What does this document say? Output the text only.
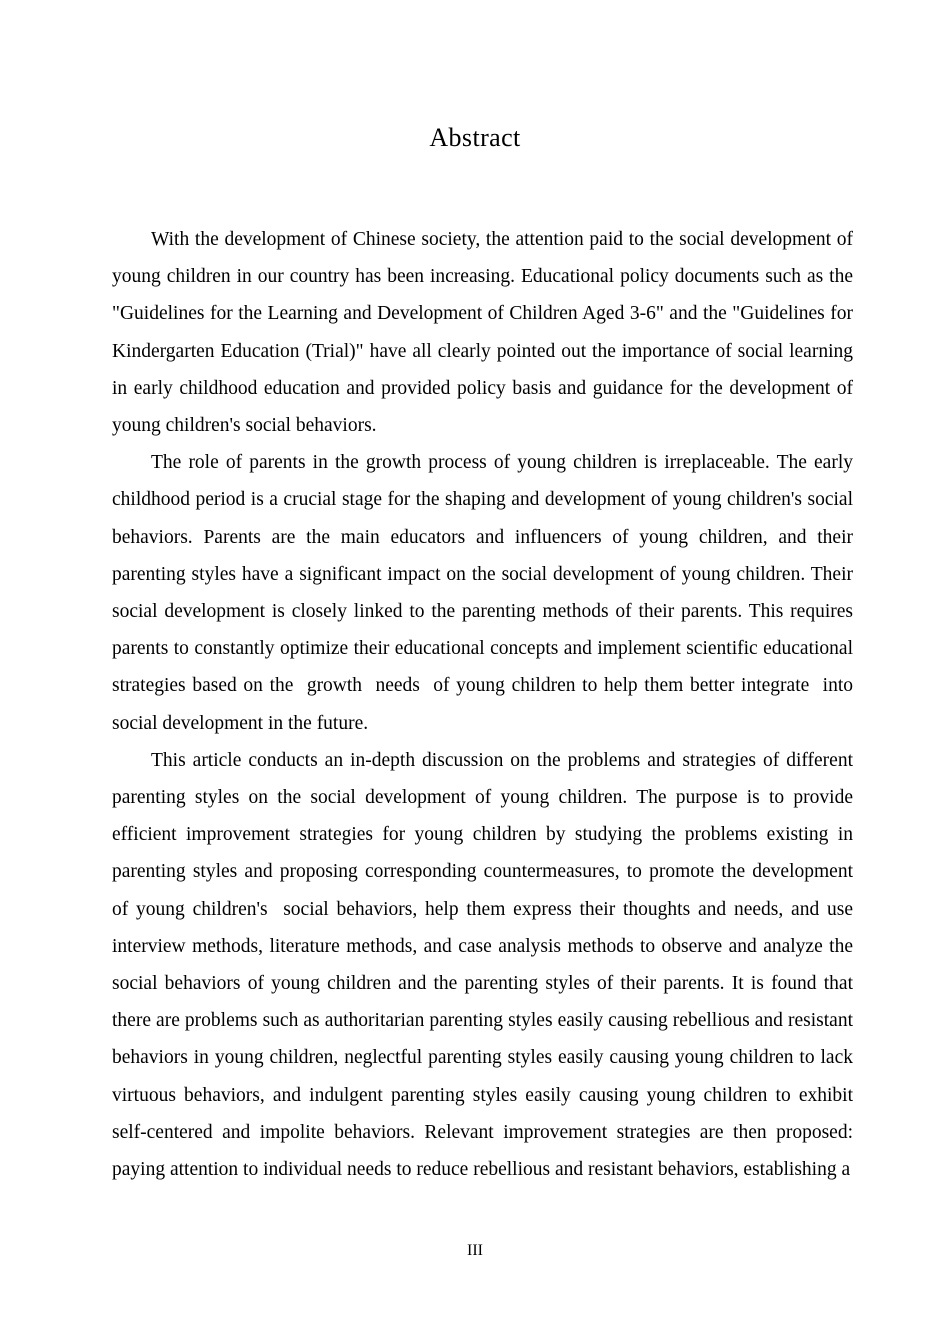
Abstract

With the development of Chinese society, the attention paid to the social development of young children in our country has been increasing. Educational policy documents such as the "Guidelines for the Learning and Development of Children Aged 3-6" and the "Guidelines for Kindergarten Education (Trial)" have all clearly pointed out the importance of social learning in early childhood education and provided policy basis and guidance for the development of young children's social behaviors.

The role of parents in the growth process of young children is irreplaceable. The early childhood period is a crucial stage for the shaping and development of young children's social behaviors. Parents are the main educators and influencers of young children, and their parenting styles have a significant impact on the social development of young children. Their  social development is closely linked to the parenting methods of their parents. This requires parents to constantly optimize their educational concepts and implement scientific educational strategies based on the  growth  needs  of young children to help them better integrate  into  social development in the future.

This article conducts an in-depth discussion on the problems and strategies of different parenting styles on the social development of young children. The purpose is to provide efficient improvement strategies for young children by studying the problems existing in parenting styles and proposing corresponding countermeasures, to promote the development of young children's  social behaviors, help them express their thoughts and needs, and use interview methods, literature methods, and case analysis methods to observe and analyze the social behaviors of young children and the parenting styles of their parents. It is found that there are problems such as authoritarian parenting styles easily causing rebellious and resistant behaviors in young children, neglectful parenting styles easily causing young children to lack virtuous behaviors, and indulgent parenting styles easily causing young children to exhibit self-centered and impolite behaviors. Relevant improvement strategies are then proposed: paying attention to individual needs to reduce rebellious and resistant behaviors, establishing a

III
